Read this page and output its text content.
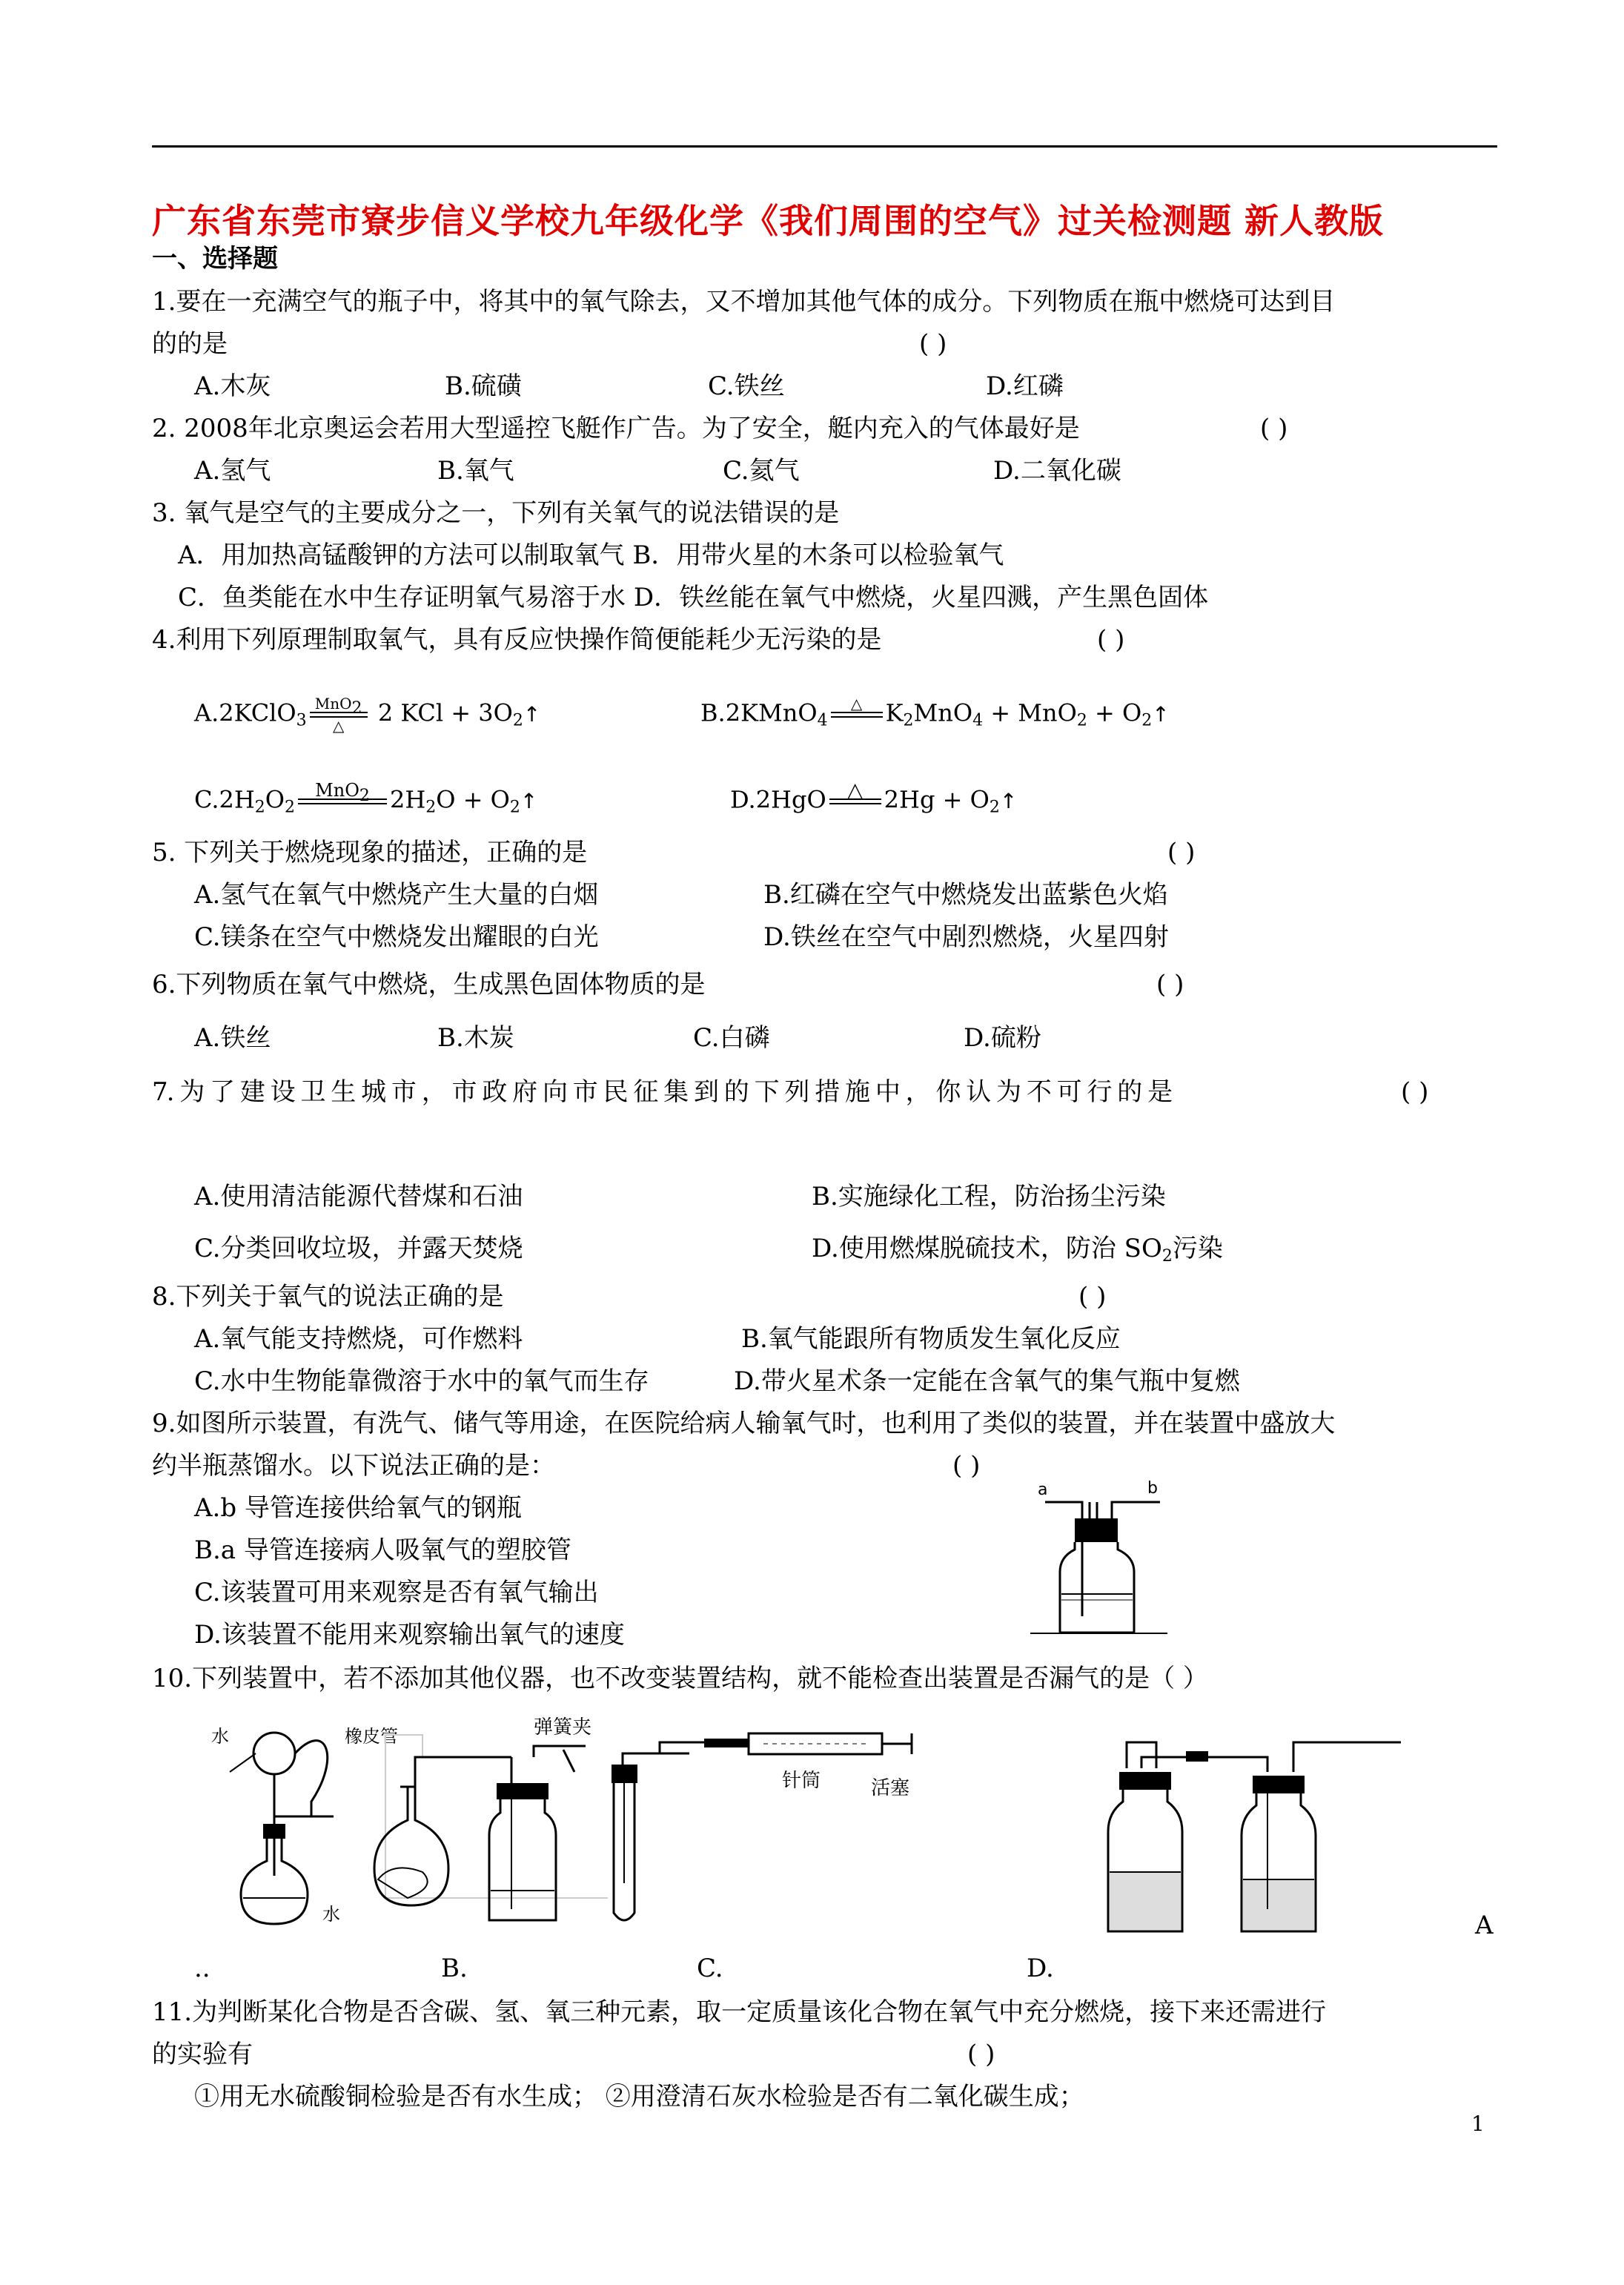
广东省东莞市寮步信义学校九年级化学《我们周围的空气》过关检测题 新人教版
一、选择题
1.要在一充满空气的瓶子中，将其中的氧气除去，又不增加其他气体的成分。下列物质在瓶中燃烧可达到目
的的是	( )
A.木灰	B.硫磺	C.铁丝	D.红磷
2. 2008年北京奥运会若用大型遥控飞艇作广告。为了安全，艇内充入的气体最好是	( )
A.氢气	B.氧气	C.氦气	D.二氧化碳
3. 氧气是空气的主要成分之一，下列有关氧气的说法错误的是
A．用加热高锰酸钾的方法可以制取氧气 B．用带火星的木条可以检验氧气
C．鱼类能在水中生存证明氧气易溶于水 D．铁丝能在氧气中燃烧，火星四溅，产生黑色固体
4.利用下列原理制取氧气，具有反应快操作简便能耗少无污染的是	( )
A.2KClO$_3$
MnO$_2$
△	2 KCl + $3O_2↑$	B.2KMnO$_4$
△
$K_2MnO_4 + MnO_2$ + $O_2↑$
$C.2H_2O_2$
MnO$_2$
$2H_2O$ + $O_2↑$	D.2HgO	△
$2Hg + O_2↑$
5. 下列关于燃烧现象的描述，正确的是	( )
A.氢气在氧气中燃烧产生大量的白烟	B.红磷在空气中燃烧发出蓝紫色火焰
C.镁条在空气中燃烧发出耀眼的白光	D.铁丝在空气中剧烈燃烧，火星四射
6.下列物质在氧气中燃烧，生成黑色固体物质的是	( )
A.铁丝	B.木炭	C.白磷	D.硫粉
7. 为 了 建 设 卫 生 城 市 ， 市 政 府 向 市 民 征 集 到 的 下 列 措 施 中 ， 你 认 为 不 可 行 的 是	( )
A.使用清洁能源代替煤和石油	B.实施绿化工程，防治扬尘污染
C.分类回收垃圾，并露天焚烧	D.使用燃煤脱硫技术，防治 $SO_2$污染
8.下列关于氧气的说法正确的是	( )
A.氧气能支持燃烧，可作燃料	B.氧气能跟所有物质发生氧化反应
C.水中生物能靠微溶于水中的氧气而生存	D.带火星术条一定能在含氧气的集气瓶中复燃
9.如图所示装置，有洗气、储气等用途，在医院给病人输氧气时，也利用了类似的装置，并在装置中盛放大
约半瓶蒸馏水。以下说法正确的是：	( )
A.b 导管连接供给氧气的钢瓶
B.a 导管连接病人吸氧气的塑胶管
C.该装置可用来观察是否有氧气输出
D.该装置不能用来观察输出氧气的速度
a	b
10.下列装置中，若不添加其他仪器，也不改变装置结构，就不能检查出装置是否漏气的是（ ）
水	橡皮管
水
弹簧夹
针筒	活塞
A
..	B.	C.	D.
11.为判断某化合物是否含碳、氢、氧三种元素，取一定质量该化合物在氧气中充分燃烧，接下来还需进行
的实验有	( )
①用无水硫酸铜检验是否有水生成； ②用澄清石灰水检验是否有二氧化碳生成；
1
